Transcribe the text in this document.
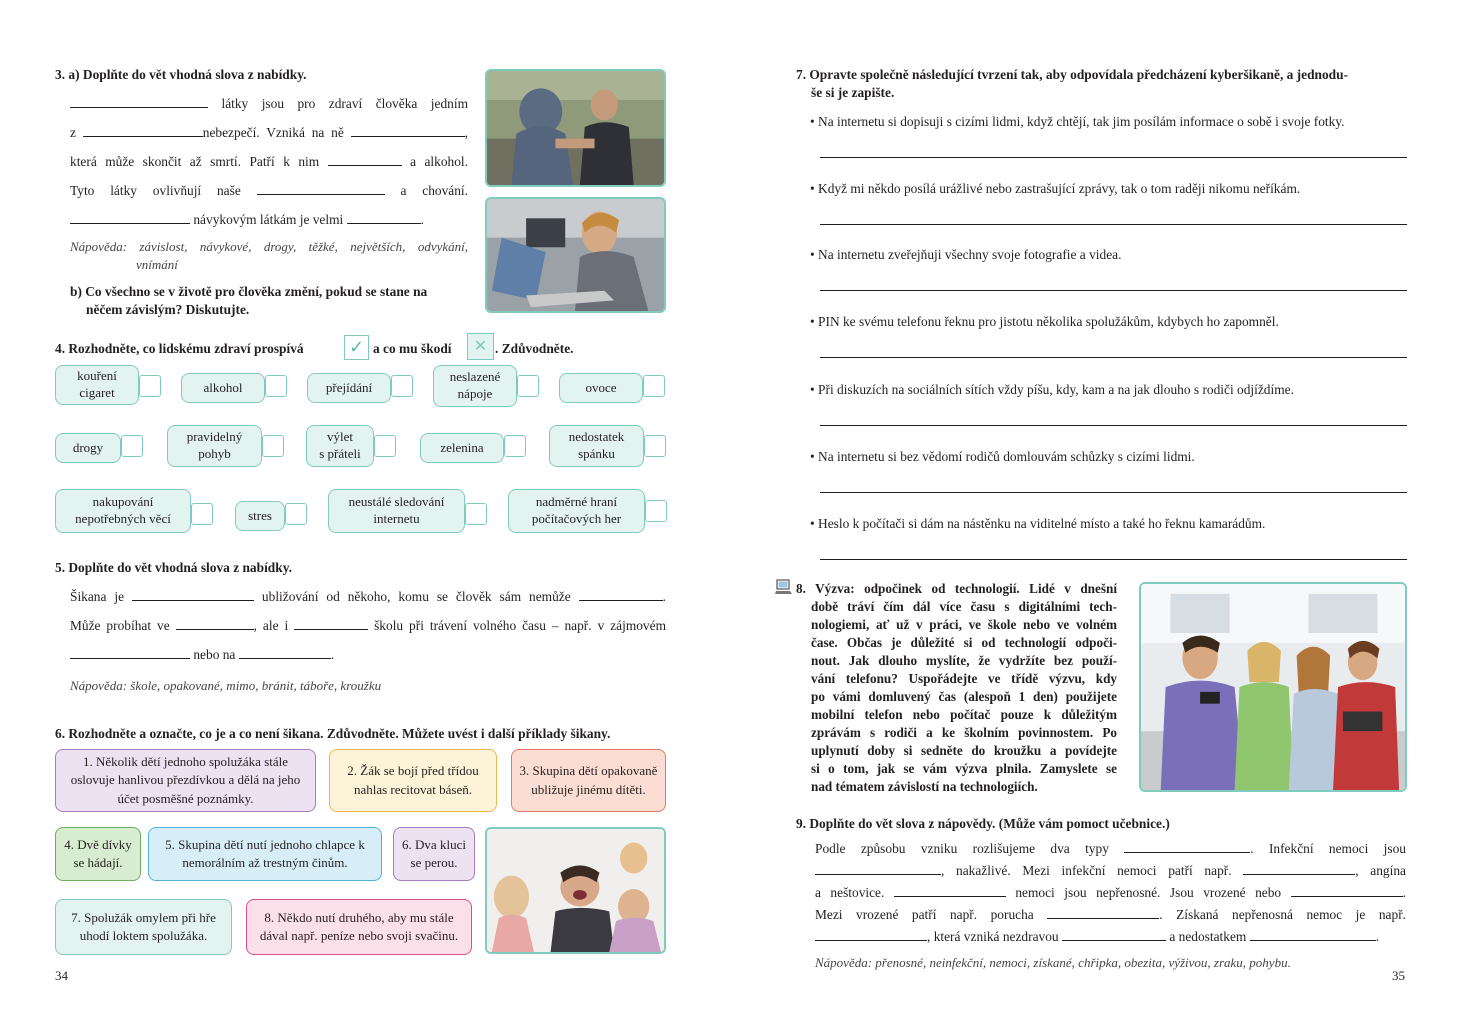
3. a) Doplňte do vět vhodná slova z nabídky.
látky jsou pro zdraví člověka jedním
z	nebezpečí. Vzniká na ně	,
která může skončit až smrtí. Patří k nim	a alkohol.
Tyto látky ovlivňují naše	a chování.
návykovým látkám je velmi	.
Nápověda: závislost, návykové, drogy, těžké, největších, odvykání,
vnímání
b) Co všechno se v životě pro člověka změní, pokud se stane na
něčem závislým? Diskutujte.
4. Rozhodněte, co lidskému zdraví prospívá	✓ a co mu škodí	✕ . Zdůvodněte.
kouření
cigaret	alkohol	přejídání
neslazené
nápoje	ovoce
drogy
pravidelný
pohyb
výlet
s přáteli	zelenina
nedostatek
spánku
nakupování
nepotřebných věcí	stres
neustálé sledování
internetu
nadměrné hraní
počítačových her
5. Doplňte do vět vhodná slova z nabídky.
Šikana je	ubližování od někoho, komu se člověk sám nemůže	.
Může probíhat ve	, ale i	školu při trávení volného času – např. v zájmovém
nebo na	.
Nápověda: škole, opakované, mimo, bránit, táboře, kroužku
6. Rozhodněte a označte, co je a co není šikana. Zdůvodněte. Můžete uvést i další příklady šikany.
1. Několik dětí jednoho spolužáka stále oslovuje hanlivou přezdívkou a dělá na jeho účet posměšné poznámky.
2. Žák se bojí před třídou nahlas recitovat báseň.
3. Skupina dětí opakovaně ubližuje jinému dítěti.
4. Dvě dívky se hádají.
5. Skupina dětí nutí jednoho chlapce k nemorálním až trestným činům.
6. Dva kluci se perou.
7. Spolužák omylem při hře uhodí loktem spolužáka.
8. Někdo nutí druhého, aby mu stále dával např. peníze nebo svoji svačinu.
34
7. Opravte společně následující tvrzení tak, aby odpovídala předcházení kyberšikaně, a jednodu-
še si je zapište.
• Na internetu si dopisuji s cizími lidmi, když chtějí, tak jim posílám informace o sobě i svoje fotky.
• Když mi někdo posílá urážlivé nebo zastrašující zprávy, tak o tom raději nikomu neříkám.
• Na internetu zveřejňuji všechny svoje fotografie a videa.
• PIN ke svému telefonu řeknu pro jistotu několika spolužákům, kdybych ho zapomněl.
• Při diskuzích na sociálních sítích vždy píšu, kdy, kam a na jak dlouho s rodiči odjíždíme.
• Na internetu si bez vědomí rodičů domlouvám schůzky s cizími lidmi.
• Heslo k počítači si dám na nástěnku na viditelné místo a také ho řeknu kamarádům.
8. Výzva: odpočinek od technologií. Lidé v dnešní
době tráví čím dál více času s digitálními tech-
nologiemi, ať už v práci, ve škole nebo ve volném
čase. Občas je důležité si od technologií odpoči-
nout. Jak dlouho myslíte, že vydržíte bez použí-
vání telefonu? Uspořádejte ve třídě výzvu, kdy
po vámi domluvený čas (alespoň 1 den) použijete
mobilní telefon nebo počítač pouze k důležitým
zprávám s rodiči a ke školním povinnostem. Po
uplynutí doby si sedněte do kroužku a povídejte
si o tom, jak se vám výzva plnila. Zamyslete se
nad tématem závislostí na technologiích.
9. Doplňte do vět slova z nápovědy. (Může vám pomoct učebnice.)
Podle způsobu vzniku rozlišujeme dva typy	. Infekční nemoci jsou
, nakažlivé. Mezi infekční nemoci patří např.	, angína
a neštovice.	nemoci jsou nepřenosné. Jsou vrozené nebo	.
Mezi vrozené patří např. porucha	. Získaná nepřenosná nemoc je např.
, která vzniká nezdravou	a nedostatkem	.
Nápověda: přenosné, neinfekční, nemoci, získané, chřipka, obezita, výživou, zraku, pohybu.
35
